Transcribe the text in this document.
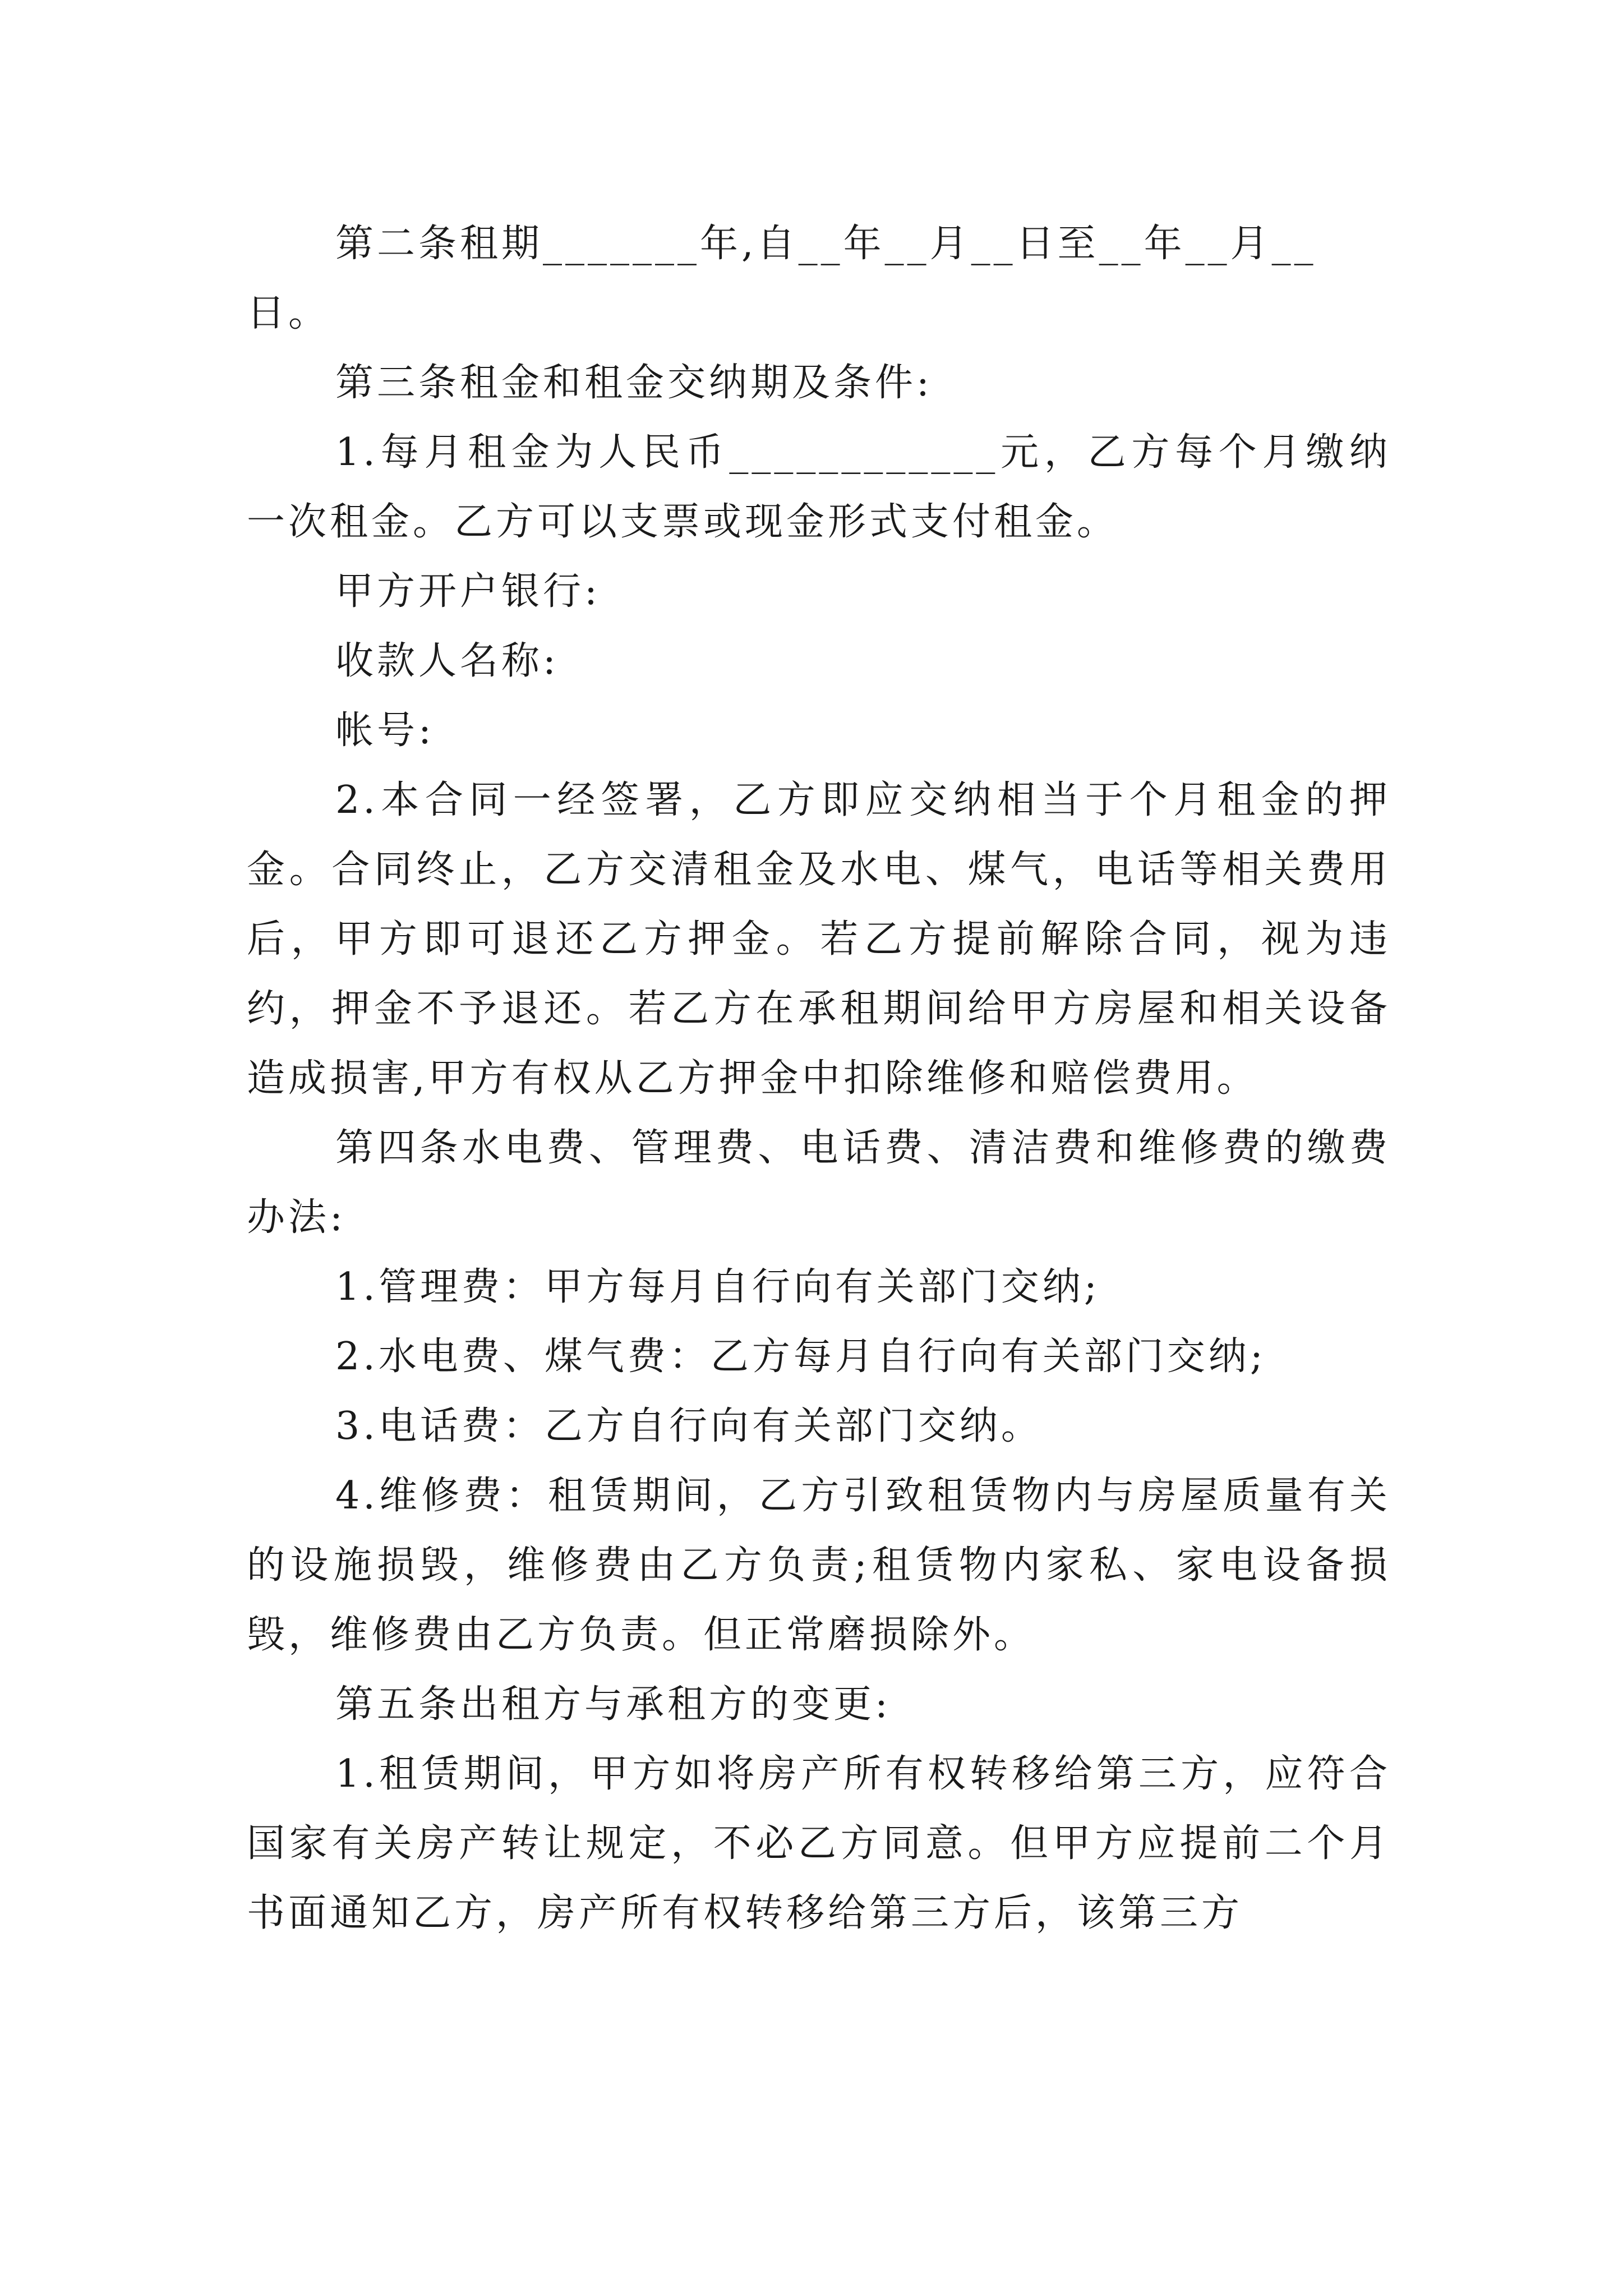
第二条租期_______年,自__年__月__日至__年__月__日。

第三条租金和租金交纳期及条件:

1.每月租金为人民币____________元，乙方每个月缴纳一次租金。乙方可以支票或现金形式支付租金。

甲方开户银行:

收款人名称:

帐号:

2.本合同一经签署，乙方即应交纳相当于个月租金的押金。合同终止，乙方交清租金及水电、煤气，电话等相关费用后，甲方即可退还乙方押金。若乙方提前解除合同，视为违约，押金不予退还。若乙方在承租期间给甲方房屋和相关设备造成损害,甲方有权从乙方押金中扣除维修和赔偿费用。

第四条水电费、管理费、电话费、清洁费和维修费的缴费办法:

1.管理费：甲方每月自行向有关部门交纳;

2.水电费、煤气费：乙方每月自行向有关部门交纳;

3.电话费：乙方自行向有关部门交纳。

4.维修费：租赁期间，乙方引致租赁物内与房屋质量有关的设施损毁，维修费由乙方负责;租赁物内家私、家电设备损毁，维修费由乙方负责。但正常磨损除外。

第五条出租方与承租方的变更:

1.租赁期间，甲方如将房产所有权转移给第三方，应符合国家有关房产转让规定，不必乙方同意。但甲方应提前二个月书面通知乙方，房产所有权转移给第三方后，该第三方
